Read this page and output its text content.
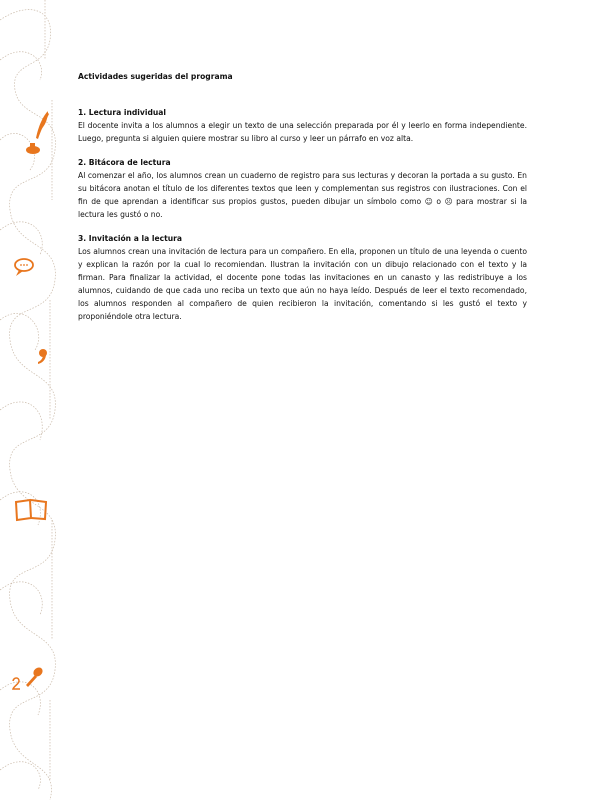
Actividades sugeridas del programa

1. Lectura individual

El docente invita a los alumnos a elegir un texto de una selección preparada por él y leerlo en forma independiente. Luego, pregunta si alguien quiere mostrar su libro al curso y leer un párrafo en voz alta.

2. Bitácora de lectura

Al comenzar el año, los alumnos crean un cuaderno de registro para sus lecturas y decoran la portada a su gusto. En su bitácora anotan el título de los diferentes textos que leen y complementan sus registros con ilustraciones. Con el fin de que aprendan a identificar sus propios gustos, pueden dibujar un símbolo como ☺ o ☹ para mostrar si la lectura les gustó o no.

3. Invitación a la lectura

Los alumnos crean una invitación de lectura para un compañero. En ella, proponen un título de una leyenda o cuento y explican la razón por la cual lo recomiendan. Ilustran la invitación con un dibujo relacionado con el texto y la firman. Para finalizar la actividad, el docente pone todas las invitaciones en un canasto y las redistribuye a los alumnos, cuidando de que cada uno reciba un texto que aún no haya leído. Después de leer el texto recomendado, los alumnos responden al compañero de quien recibieron la invitación, comentando si les gustó el texto y proponiéndole otra lectura.
